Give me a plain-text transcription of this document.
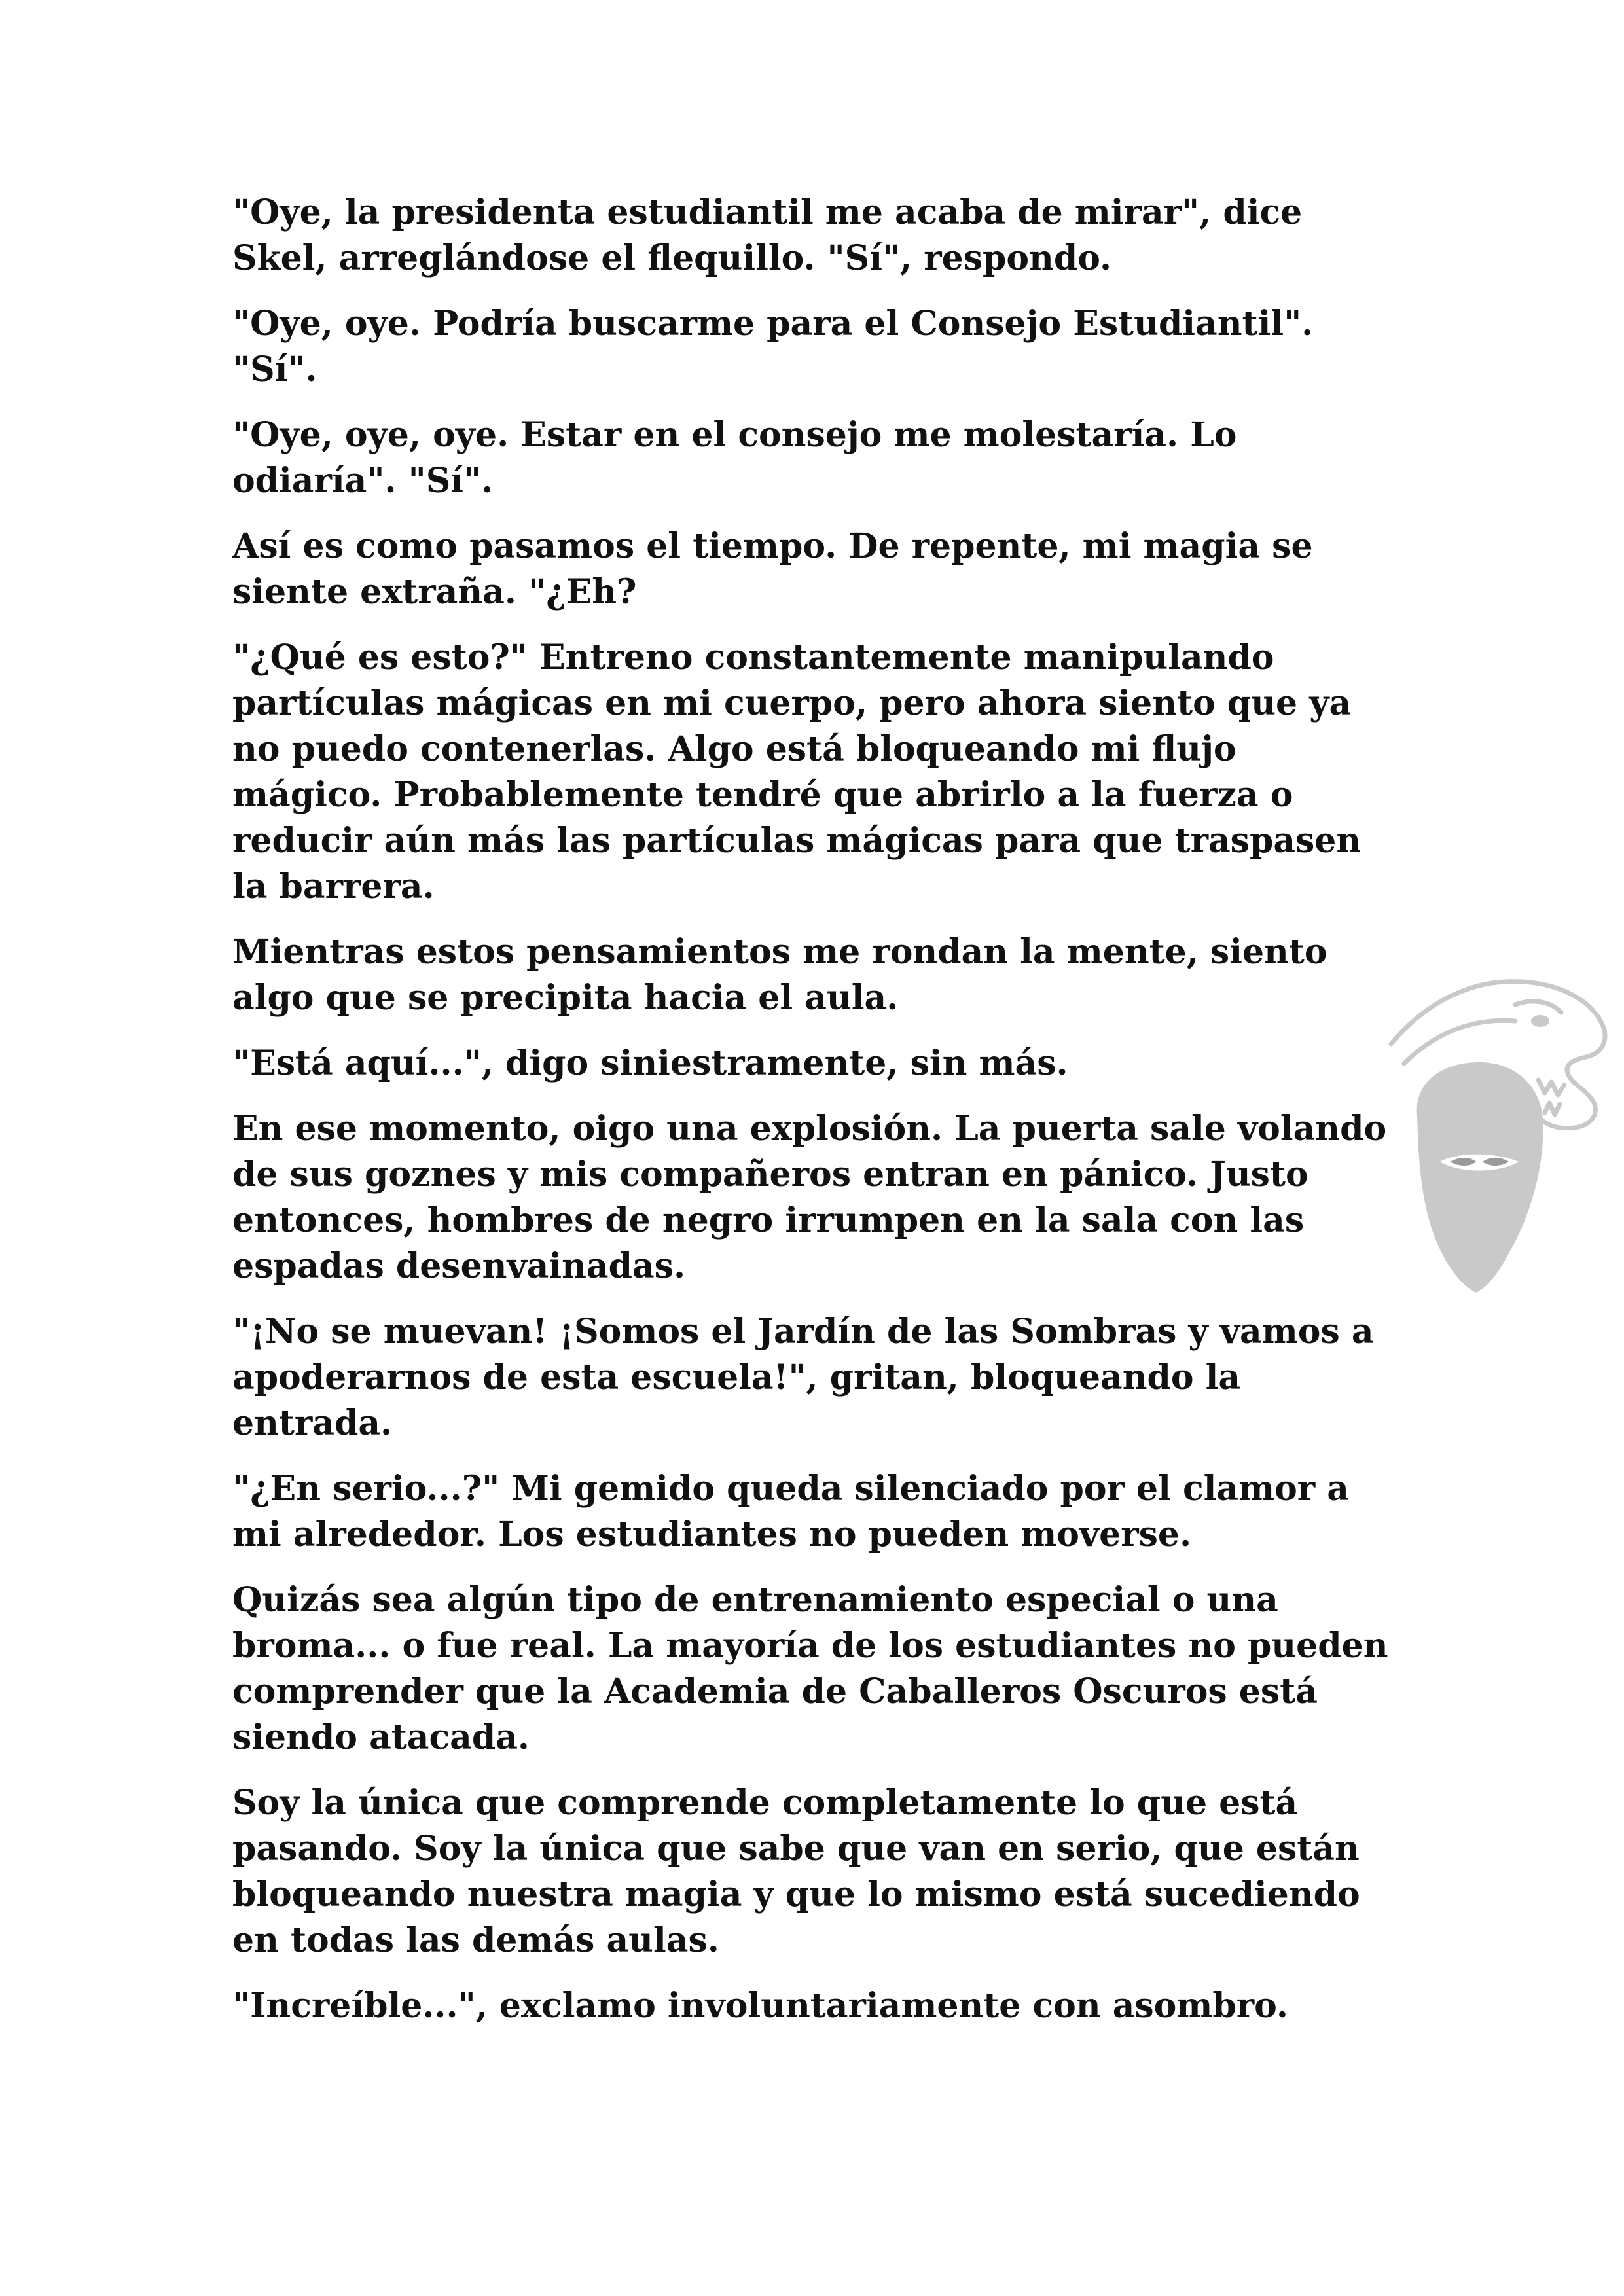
"Oye, la presidenta estudiantil me acaba de mirar", dice Skel, arreglándose el flequillo. "Sí", respondo.

"Oye, oye. Podría buscarme para el Consejo Estudiantil". "Sí".

"Oye, oye, oye. Estar en el consejo me molestaría. Lo odiaría". "Sí".

Así es como pasamos el tiempo. De repente, mi magia se siente extraña. "¿Eh?

"¿Qué es esto?" Entreno constantemente manipulando partículas mágicas en mi cuerpo, pero ahora siento que ya no puedo contenerlas. Algo está bloqueando mi flujo mágico. Probablemente tendré que abrirlo a la fuerza o reducir aún más las partículas mágicas para que traspasen la barrera.

Mientras estos pensamientos me rondan la mente, siento algo que se precipita hacia el aula.

"Está aquí...", digo siniestramente, sin más.

En ese momento, oigo una explosión. La puerta sale volando de sus goznes y mis compañeros entran en pánico. Justo entonces, hombres de negro irrumpen en la sala con las espadas desenvainadas.

"¡No se muevan! ¡Somos el Jardín de las Sombras y vamos a apoderarnos de esta escuela!", gritan, bloqueando la entrada.

"¿En serio...?" Mi gemido queda silenciado por el clamor a mi alrededor. Los estudiantes no pueden moverse.

Quizás sea algún tipo de entrenamiento especial o una broma... o fue real. La mayoría de los estudiantes no pueden comprender que la Academia de Caballeros Oscuros está siendo atacada.

Soy la única que comprende completamente lo que está pasando. Soy la única que sabe que van en serio, que están bloqueando nuestra magia y que lo mismo está sucediendo en todas las demás aulas.

"Increíble...", exclamo involuntariamente con asombro.
